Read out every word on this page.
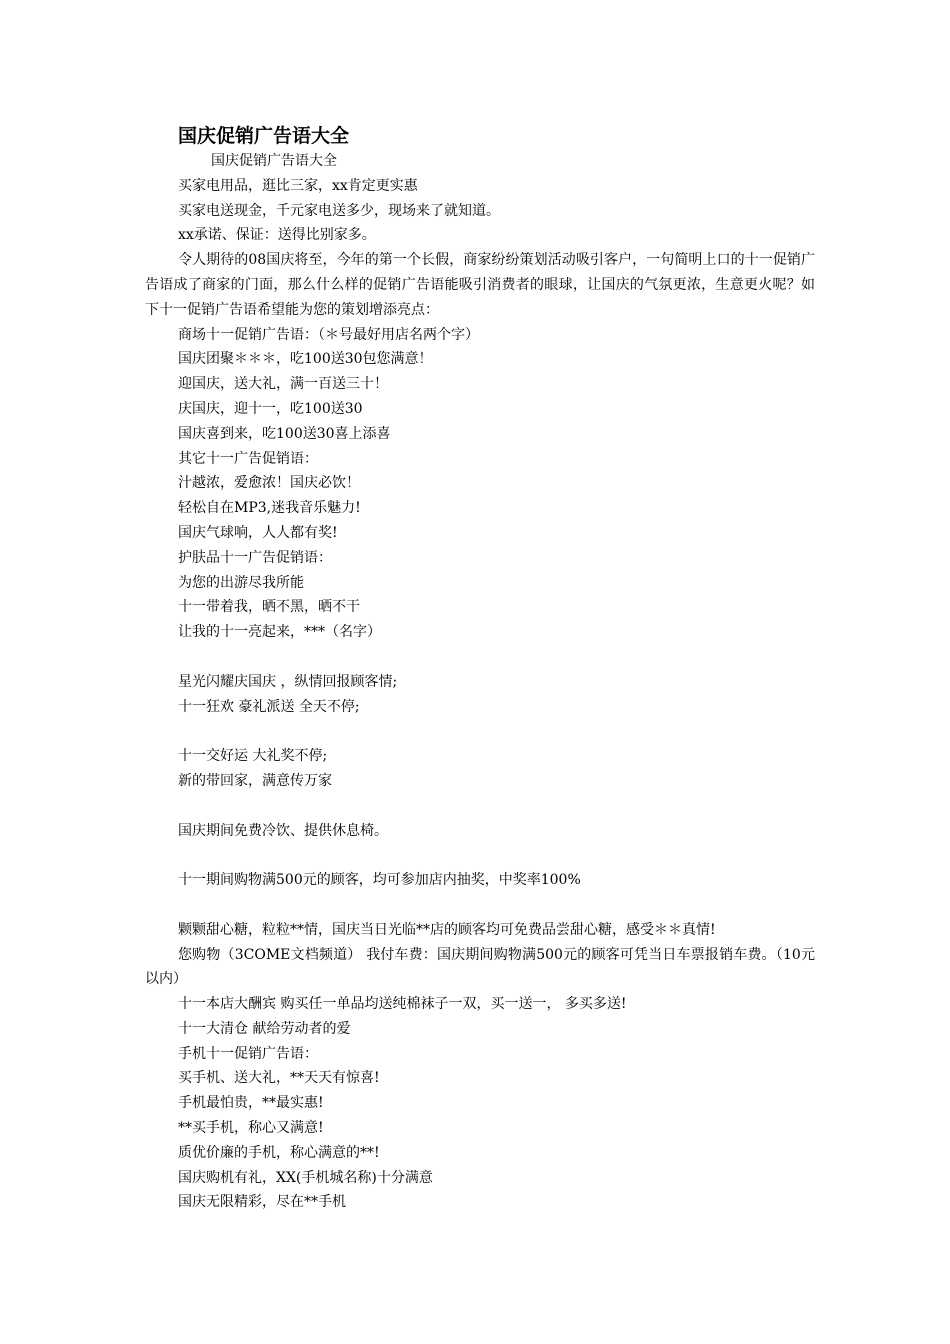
国庆促销广告语大全

国庆促销广告语大全

买家电用品，逛比三家，xx肯定更实惠

买家电送现金，千元家电送多少，现场来了就知道。

xx承诺、保证：送得比别家多。

令人期待的08国庆将至，今年的第一个长假，商家纷纷策划活动吸引客户，一句简明上口的十一促销广告语成了商家的门面，那么什么样的促销广告语能吸引消费者的眼球，让国庆的气氛更浓，生意更火呢？如下十一促销广告语希望能为您的策划增添亮点：

商场十一促销广告语：（＊号最好用店名两个字）

国庆团聚＊＊＊，吃100送30包您满意！

迎国庆，送大礼，满一百送三十！

庆国庆，迎十一，吃100送30

国庆喜到来，吃100送30喜上添喜

其它十一广告促销语：

汁越浓，爱愈浓！国庆必饮！

轻松自在MP3,迷我音乐魅力!

国庆气球响，人人都有奖!

护肤品十一广告促销语：

为您的出游尽我所能

十一带着我，晒不黑，晒不干

让我的十一亮起来，***（名字）

星光闪耀庆国庆 ，纵情回报顾客情;

十一狂欢 豪礼派送 全天不停;

十一交好运 大礼奖不停;

新的带回家，满意传万家

国庆期间免费冷饮、提供休息椅。

十一期间购物满500元的顾客，均可参加店内抽奖，中奖率100%

颗颗甜心糖，粒粒**情，国庆当日光临**店的顾客均可免费品尝甜心糖，感受＊＊真情!

您购物（3COME文档频道） 我付车费：国庆期间购物满500元的顾客可凭当日车票报销车费。（10元以内）

十一本店大酬宾 购买任一单品均送纯棉袜子一双，买一送一， 多买多送!

十一大清仓 献给劳动者的爱

手机十一促销广告语：

买手机、送大礼，**天天有惊喜!

手机最怕贵，**最实惠!

**买手机，称心又满意!

质优价廉的手机，称心满意的**!

国庆购机有礼，XX(手机城名称)十分满意

国庆无限精彩，尽在**手机
